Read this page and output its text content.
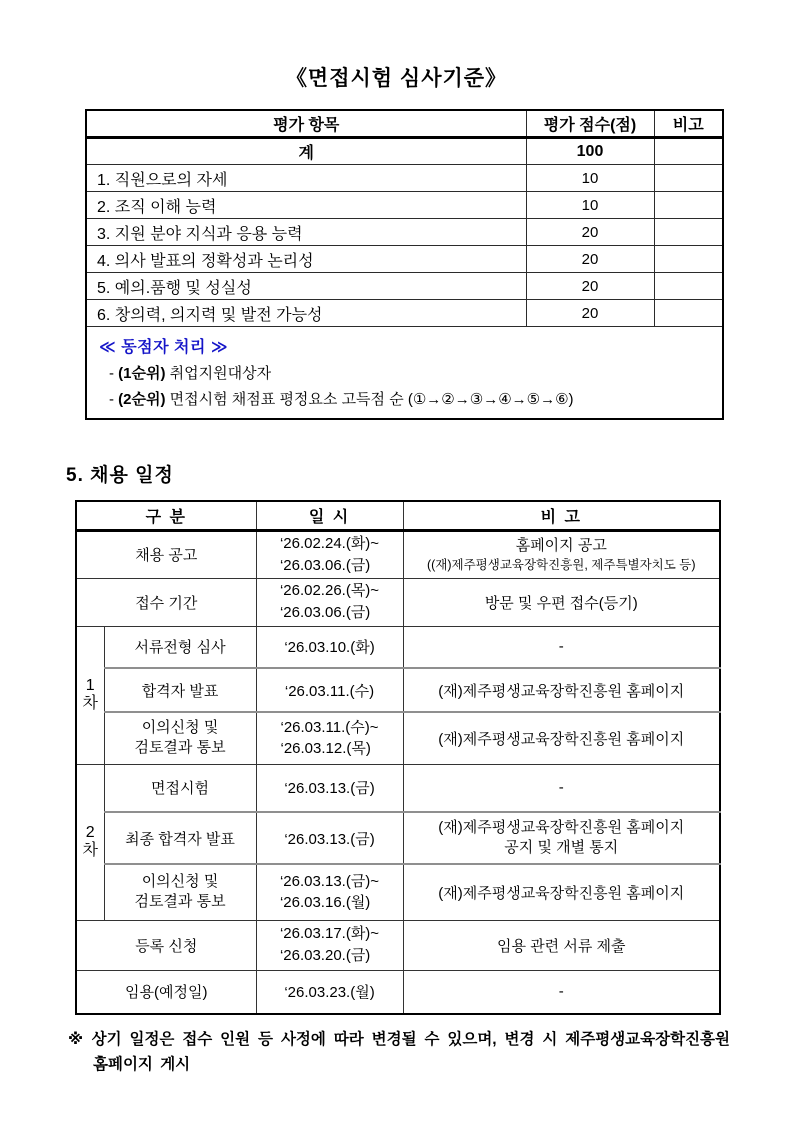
《면접시험 심사기준》
평가 항목	평가 점수(점)	비고
계	100	
1. 직원으로의 자세	10	
2. 조직 이해 능력	10	
3. 지원 분야 지식과 응용 능력	20	
4. 의사 발표의 정확성과 논리성	20	
5. 예의.품행 및 성실성	20	
6. 창의력, 의지력 및 발전 가능성	20	

≪ 동점자 처리 ≫
- (1순위) 취업지원대상자
- (2순위) 면접시험 채점표 평정요소 고득점 순 (①→②→③→④→⑤→⑥)		
5. 채용 일정
구 분		일 시	비 고
채용 공고		‘26.02.24.(화)~
‘26.03.06.(금)	홈페이지 공고
((재)제주평생교육장학진흥원, 제주특별자치도 등)

접수 기간		‘26.02.26.(목)~
‘26.03.06.(금)	방문 및 우편 접수(등기)

1
차	서류전형 심사	‘26.03.10.(화)	-
	합격자 발표	‘26.03.11.(수)	(재)제주평생교육장학진흥원 홈페이지

	이의신청 및
검토결과 통보	‘26.03.11.(수)~
‘26.03.12.(목)	(재)제주평생교육장학진흥원 홈페이지

2
차	면접시험	‘26.03.13.(금)	-
	최종 합격자 발표	‘26.03.13.(금)	(재)제주평생교육장학진흥원 홈페이지
공지 및 개별 통지

	이의신청 및
검토결과 통보	‘26.03.13.(금)~
‘26.03.16.(월)	(재)제주평생교육장학진흥원 홈페이지
등록 신청		‘26.03.17.(화)~
‘26.03.20.(금)	임용 관련 서류 제출
임용(예정일)		‘26.03.23.(월)	-
※ 상기 일정은 접수 인원 등 사정에 따라 변경될 수 있으며, 변경 시 제주평생교육장학진흥원 홈페이지 게시
